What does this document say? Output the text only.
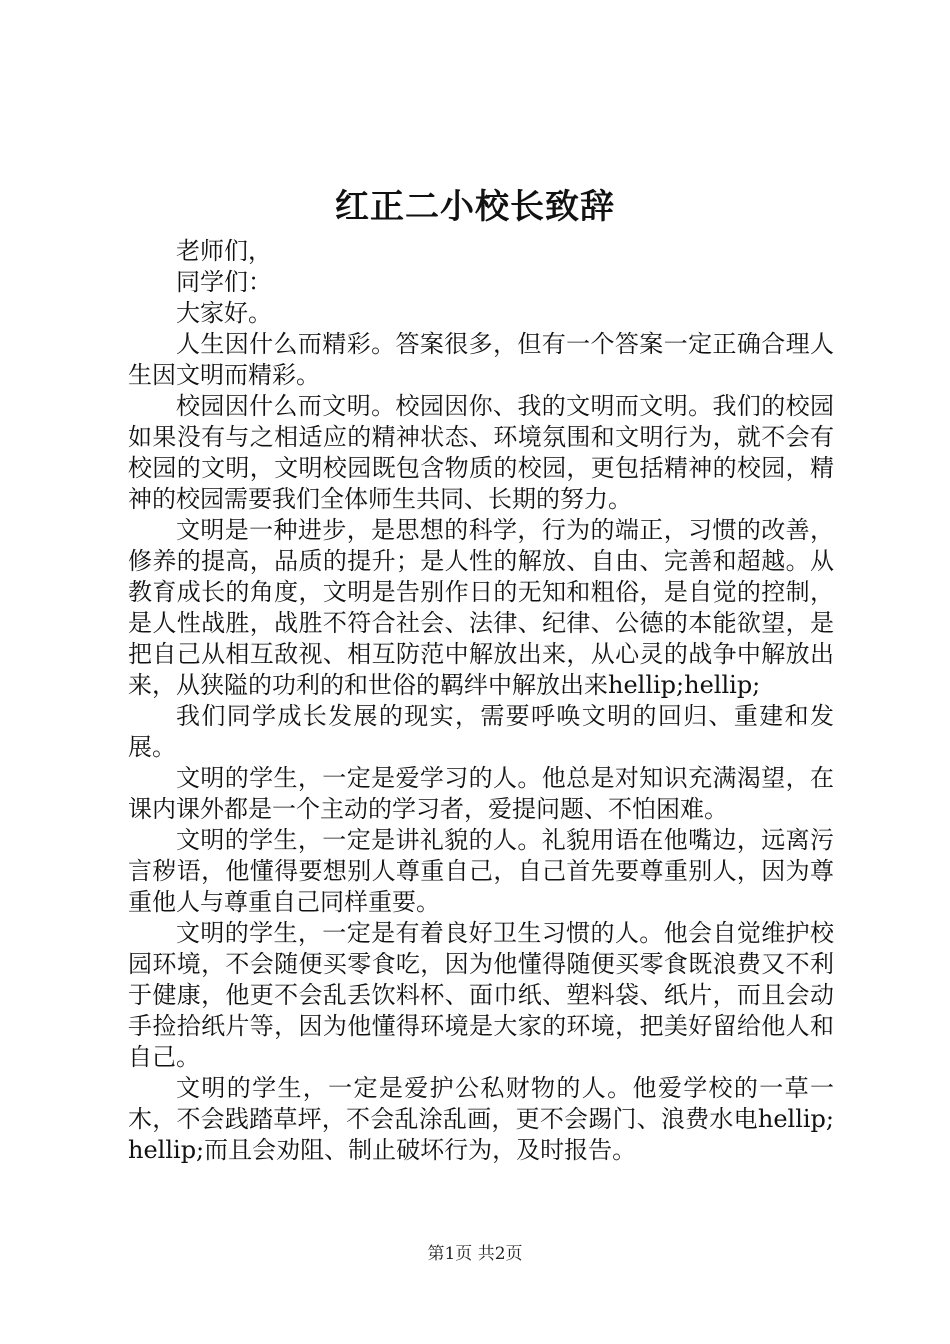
红正二小校长致辞

老师们，

同学们：

大家好。

人生因什么而精彩。答案很多，但有一个答案一定正确合理人生因文明而精彩。

校园因什么而文明。校园因你、我的文明而文明。我们的校园如果没有与之相适应的精神状态、环境氛围和文明行为，就不会有校园的文明，文明校园既包含物质的校园，更包括精神的校园，精神的校园需要我们全体师生共同、长期的努力。

文明是一种进步，是思想的科学，行为的端正，习惯的改善，修养的提高，品质的提升；是人性的解放、自由、完善和超越。从教育成长的角度，文明是告别作日的无知和粗俗，是自觉的控制，是人性战胜，战胜不符合社会、法律、纪律、公德的本能欲望，是把自己从相互敌视、相互防范中解放出来，从心灵的战争中解放出来，从狭隘的功利的和世俗的羁绊中解放出来hellip;hellip;

我们同学成长发展的现实，需要呼唤文明的回归、重建和发展。

文明的学生，一定是爱学习的人。他总是对知识充满渴望，在课内课外都是一个主动的学习者，爱提问题、不怕困难。

文明的学生，一定是讲礼貌的人。礼貌用语在他嘴边，远离污言秽语，他懂得要想别人尊重自己，自己首先要尊重别人，因为尊重他人与尊重自己同样重要。

文明的学生，一定是有着良好卫生习惯的人。他会自觉维护校园环境，不会随便买零食吃，因为他懂得随便买零食既浪费又不利于健康，他更不会乱丢饮料杯、面巾纸、塑料袋、纸片，而且会动手捡拾纸片等，因为他懂得环境是大家的环境，把美好留给他人和自己。

文明的学生，一定是爱护公私财物的人。他爱学校的一草一木，不会践踏草坪，不会乱涂乱画，更不会踢门、浪费水电hellip;hellip;而且会劝阻、制止破坏行为，及时报告。

第1页 共2页
